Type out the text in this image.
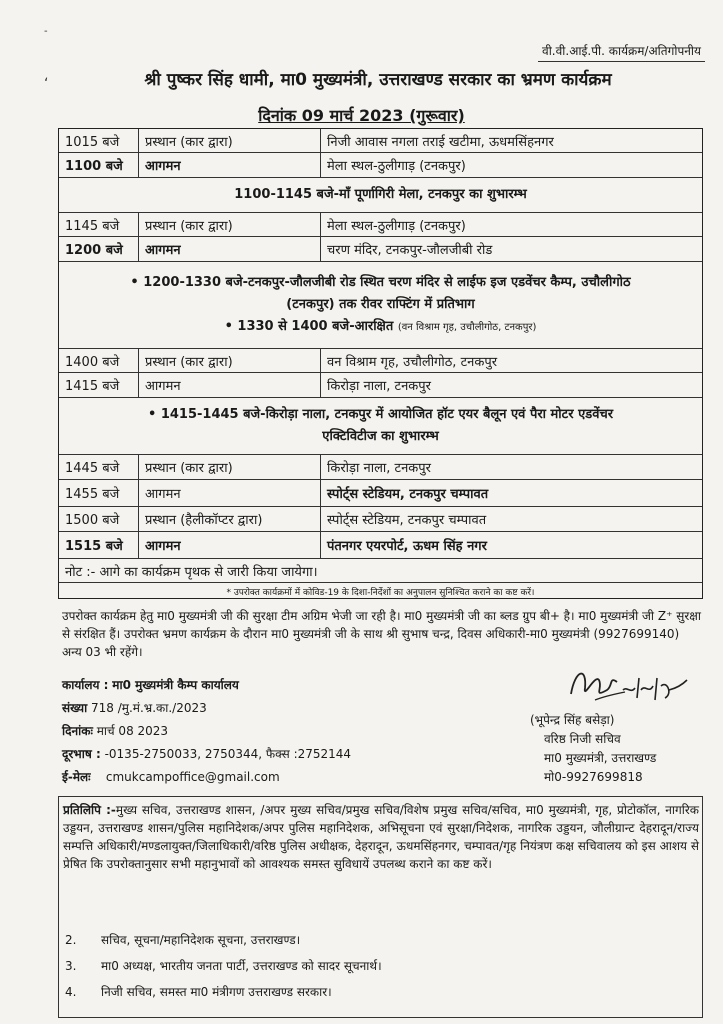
-
‘
वी.वी.आई.पी. कार्यक्रम/अतिगोपनीय
श्री पुष्कर सिंह धामी, मा0 मुख्यमंत्री, उत्तराखण्ड सरकार का भ्रमण कार्यक्रम
दिनांक 09 मार्च 2023 (गुरूवार)
1015 बजे	प्रस्थान (कार द्वारा)	निजी आवास नगला तराई खटीमा, ऊधमसिंहनगर
1100 बजे	आगमन	मेला स्थल-ठुलीगाड़ (टनकपुर)
1100-1145 बजे-माँ पूर्णागिरी मेला, टनकपुर का शुभारम्भ
1145 बजे	प्रस्थान (कार द्वारा)	मेला स्थल-ठुलीगाड़ (टनकपुर)
1200 बजे	आगमन	चरण मंदिर, टनकपुर-जौलजीबी रोड
• 1200-1330 बजे-टनकपुर-जौलजीबी रोड स्थित चरण मंदिर से लाईफ इज एडवेंचर कैम्प, उचौलीगोठ
(टनकपुर) तक रीवर राफ्टिंग में प्रतिभाग
• 1330 से 1400 बजे-आरक्षित (वन विश्राम गृह, उचौलीगोठ, टनकपुर)
1400 बजे	प्रस्थान (कार द्वारा)	वन विश्राम गृह, उचौलीगोठ, टनकपुर
1415 बजे	आगमन	किरोड़ा नाला, टनकपुर
• 1415-1445 बजे-किरोड़ा नाला, टनकपुर में आयोजित हॉट एयर बैलून एवं पैरा मोटर एडवेंचर
एक्टिविटीज का शुभारम्भ
1445 बजे	प्रस्थान (कार द्वारा)	किरोड़ा नाला, टनकपुर
1455 बजे	आगमन	स्पोर्ट्स स्टेडियम, टनकपुर चम्पावत
1500 बजे	प्रस्थान (हैलीकॉप्टर द्वारा)	स्पोर्ट्स स्टेडियम, टनकपुर चम्पावत
1515 बजे	आगमन	पंतनगर एयरपोर्ट, ऊधम सिंह नगर
नोट :- आगे का कार्यक्रम पृथक से जारी किया जायेगा।
* उपरोक्त कार्यक्रमों में कोविड-19 के दिशा-निर्देशों का अनुपालन सुनिश्चित कराने का कष्ट करें।
उपरोक्त कार्यक्रम हेतु मा0 मुख्यमंत्री जी की सुरक्षा टीम अग्रिम भेजी जा रही है। मा0 मुख्यमंत्री जी का ब्लड ग्रुप बी+ है। मा0 मुख्यमंत्री जी Z⁺ सुरक्षा से संरक्षित हैं। उपरोक्त भ्रमण कार्यक्रम के दौरान मा0 मुख्यमंत्री जी के साथ श्री सुभाष चन्द्र, दिवस अधिकारी-मा0 मुख्यमंत्री (9927699140) अन्य 03 भी रहेंगे।
कार्यालय : मा0 मुख्यमंत्री कैम्प कार्यालय
संख्या 718 /मु.मं.भ्र.का./2023
दिनांकः मार्च 08 2023
दूरभाष : -0135-2750033, 2750344, फैक्स :2752144
ई-मेलः cmukcampoffice@gmail.com
(भूपेन्द्र सिंह बसेड़ा)
वरिष्ठ निजी सचिव
मा0 मुख्यमंत्री, उत्तराखण्ड
मो0-9927699818
प्रतिलिपि :-मुख्य सचिव, उत्तराखण्ड शासन, /अपर मुख्य सचिव/प्रमुख सचिव/विशेष प्रमुख सचिव/सचिव, मा0 मुख्यमंत्री, गृह, प्रोटोकॉल, नागरिक उड्डयन, उत्तराखण्ड शासन/पुलिस महानिदेशक/अपर पुलिस महानिदेशक, अभिसूचना एवं सुरक्षा/निदेशक, नागरिक उड्डयन, जौलीग्रान्ट देहरादून/राज्य सम्पत्ति अधिकारी/मण्डलायुक्त/जिलाधिकारी/वरिष्ठ पुलिस अधीक्षक, देहरादून, ऊधमसिंहनगर, चम्पावत/गृह नियंत्रण कक्ष सचिवालय को इस आशय से प्रेषित कि उपरोक्तानुसार सभी महानुभावों को आवश्यक समस्त सुविधायें उपलब्ध कराने का कष्ट करें।
2. सचिव, सूचना/महानिदेशक सूचना, उत्तराखण्ड।
3. मा0 अध्यक्ष, भारतीय जनता पार्टी, उत्तराखण्ड को सादर सूचनार्थ।
4. निजी सचिव, समस्त मा0 मंत्रीगण उत्तराखण्ड सरकार।
